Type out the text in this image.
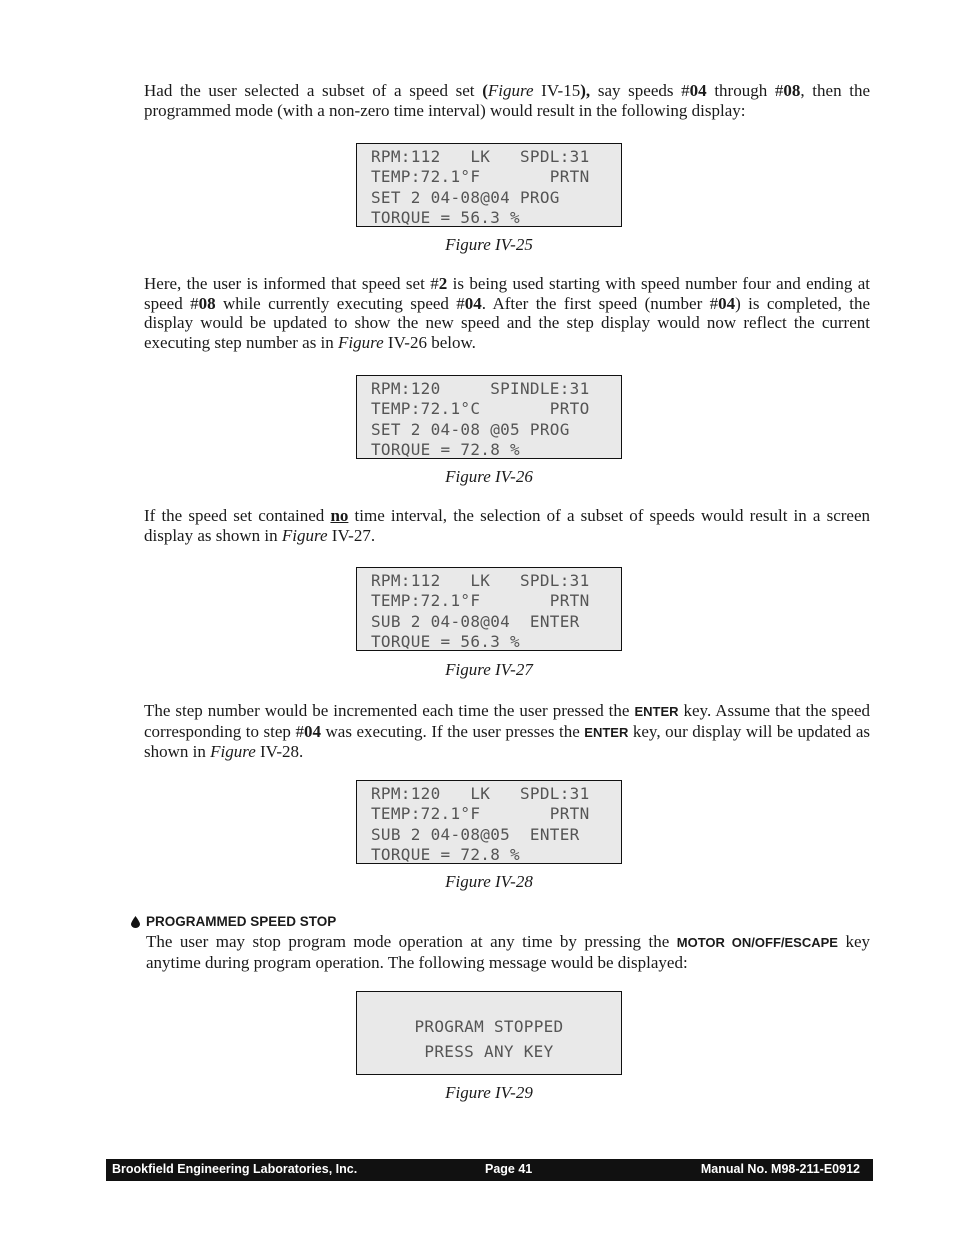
Had the user selected a subset of a speed set (Figure IV-15), say speeds #04 through #08, then the programmed mode (with a non-zero time interval) would result in the following display:

RPM:112   LK   SPDL:31
TEMP:72.1°F       PRTN
SET 2 04-08@04 PROG
TORQUE = 56.3 %

Figure IV-25

Here, the user is informed that speed set #2 is being used starting with speed number four and ending at speed #08 while currently executing speed #04. After the first speed (number #04) is completed, the display would be updated to show the new speed and the step display would now reflect the current executing step number as in Figure IV-26 below.

RPM:120     SPINDLE:31
TEMP:72.1°C       PRTO
SET 2 04-08 @05 PROG
TORQUE = 72.8 %

Figure IV-26

If the speed set contained no time interval, the selection of a subset of speeds would result in a screen display as shown in Figure IV-27.

RPM:112   LK   SPDL:31
TEMP:72.1°F       PRTN
SUB 2 04-08@04  ENTER
TORQUE = 56.3 %

Figure IV-27

The step number would be incremented each time the user pressed the ENTER key. Assume that the speed corresponding to step #04 was executing. If the user presses the ENTER key, our display will be updated as shown in Figure IV-28.

RPM:120   LK   SPDL:31
TEMP:72.1°F       PRTN
SUB 2 04-08@05  ENTER
TORQUE = 72.8 %

Figure IV-28

PROGRAMMED SPEED STOP

The user may stop program mode operation at any time by pressing the MOTOR ON/OFF/ESCAPE key anytime during program operation. The following message would be displayed:

PROGRAM STOPPED
PRESS ANY KEY

Figure IV-29

Brookfield Engineering Laboratories, Inc.	Page 41	Manual No. M98-211-E0912
